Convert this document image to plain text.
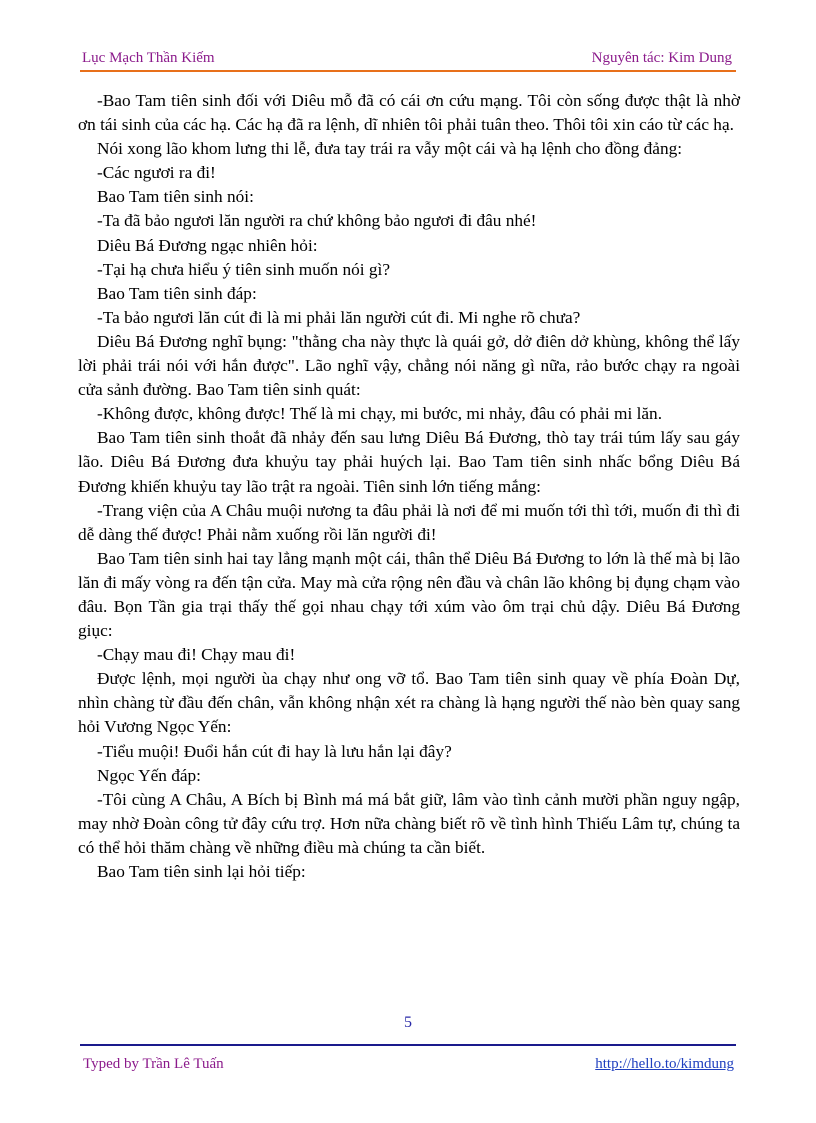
Lục Mạch Thần Kiếm	Nguyên tác: Kim Dung

-Bao Tam tiên sinh đối với Diêu mỗ đã có cái ơn cứu mạng. Tôi còn sống được thật là nhờ ơn tái sinh của các hạ. Các hạ đã ra lệnh, dĩ nhiên tôi phải tuân theo. Thôi tôi xin cáo từ các hạ.

Nói xong lão khom lưng thi lễ, đưa tay trái ra vẫy một cái và hạ lệnh cho đồng đảng:

-Các ngươi ra đi!

Bao Tam tiên sinh nói:

-Ta đã bảo ngươi lăn người ra chứ không bảo ngươi đi đâu nhé!

Diêu Bá Đương ngạc nhiên hỏi:

-Tại hạ chưa hiểu ý tiên sinh muốn nói gì?

Bao Tam tiên sinh đáp:

-Ta bảo ngươi lăn cút đi là mi phải lăn người cút đi. Mi nghe rõ chưa?

Diêu Bá Đương nghĩ bụng: "thằng cha này thực là quái gở, dở điên dở khùng, không thể lấy lời phải trái nói với hắn được". Lão nghĩ vậy, chẳng nói năng gì nữa, rảo bước chạy ra ngoài cửa sảnh đường. Bao Tam tiên sinh quát:

-Không được, không được! Thế là mi chạy, mi bước, mi nhảy, đâu có phải mi lăn.

Bao Tam tiên sinh thoắt đã nhảy đến sau lưng Diêu Bá Đương, thò tay trái túm lấy sau gáy lão. Diêu Bá Đương đưa khuỷu tay phải huých lại. Bao Tam tiên sinh nhấc bổng Diêu Bá Đương khiến khuỷu tay lão trật ra ngoài. Tiên sinh lớn tiếng mắng:

-Trang viện của A Châu muội nương ta đâu phải là nơi để mi muốn tới thì tới, muốn đi thì đi dễ dàng thế được! Phải nằm xuống rồi lăn người đi!

Bao Tam tiên sinh hai tay lẳng mạnh một cái, thân thể Diêu Bá Đương to lớn là thế mà bị lão lăn đi mấy vòng ra đến tận cửa. May mà cửa rộng nên đầu và chân lão không bị đụng chạm vào đâu. Bọn Tần gia trại thấy thế gọi nhau chạy tới xúm vào ôm trại chủ dậy. Diêu Bá Đương giục:

-Chạy mau đi! Chạy mau đi!

Được lệnh, mọi người ùa chạy như ong vỡ tổ. Bao Tam tiên sinh quay về phía Đoàn Dự, nhìn chàng từ đầu đến chân, vẫn không nhận xét ra chàng là hạng người thế nào bèn quay sang hỏi Vương Ngọc Yến:

-Tiểu muội! Đuổi hắn cút đi hay là lưu hắn lại đây?

Ngọc Yến đáp:

-Tôi cùng A Châu, A Bích bị Bình má má bắt giữ, lâm vào tình cảnh mười phần nguy ngập, may nhờ Đoàn công tử đây cứu trợ. Hơn nữa chàng biết rõ về tình hình Thiếu Lâm tự, chúng ta có thể hỏi thăm chàng về những điều mà chúng ta cần biết.

Bao Tam tiên sinh lại hỏi tiếp:

5
Typed by Trần Lê Tuấn	http://hello.to/kimdung
